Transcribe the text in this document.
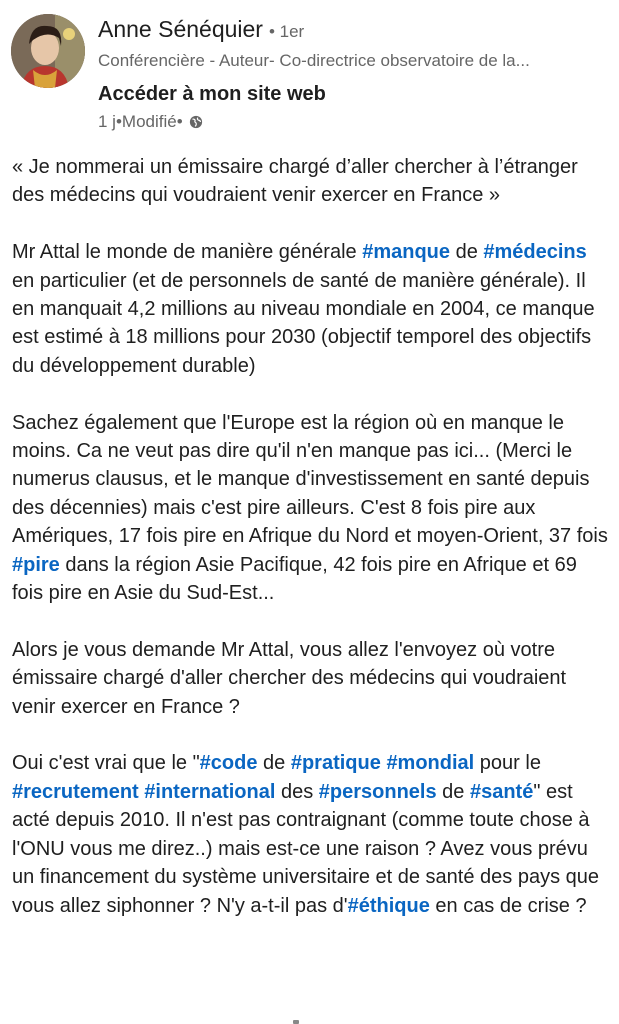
Anne Sénéquier • 1er
Conférencière - Auteur- Co-directrice observatoire de la...
Accéder à mon site web
1 j • Modifié •

« Je nommerai un émissaire chargé d’aller chercher à l’étranger des médecins qui voudraient venir exercer en France »

Mr Attal le monde de manière générale #manque de #médecins en particulier (et de personnels de santé de manière générale). Il en manquait 4,2 millions au niveau mondiale en 2004, ce manque est estimé à 18 millions pour 2030 (objectif temporel des objectifs du développement durable)

Sachez également que l'Europe est la région où en manque le moins. Ca ne veut pas dire qu'il n'en manque pas ici... (Merci le numerus clausus, et le manque d'investissement en santé depuis des décennies) mais c'est pire ailleurs. C'est 8 fois pire aux Amériques, 17 fois pire en Afrique du Nord et moyen-Orient, 37 fois #pire dans la région Asie Pacifique, 42 fois pire en Afrique et 69 fois pire en Asie du Sud-Est...

Alors je vous demande Mr Attal, vous allez l'envoyez où votre émissaire chargé d'aller chercher des médecins qui voudraient venir exercer en France ?

Oui c'est vrai que le "#code de #pratique #mondial pour le #recrutement #international des #personnels de #santé" est acté depuis 2010. Il n'est pas contraignant (comme toute chose à l'ONU vous me direz..) mais est-ce une raison ? Avez vous prévu un financement du système universitaire et de santé des pays que vous allez siphonner ? N'y a-t-il pas d'#éthique en cas de crise ?
